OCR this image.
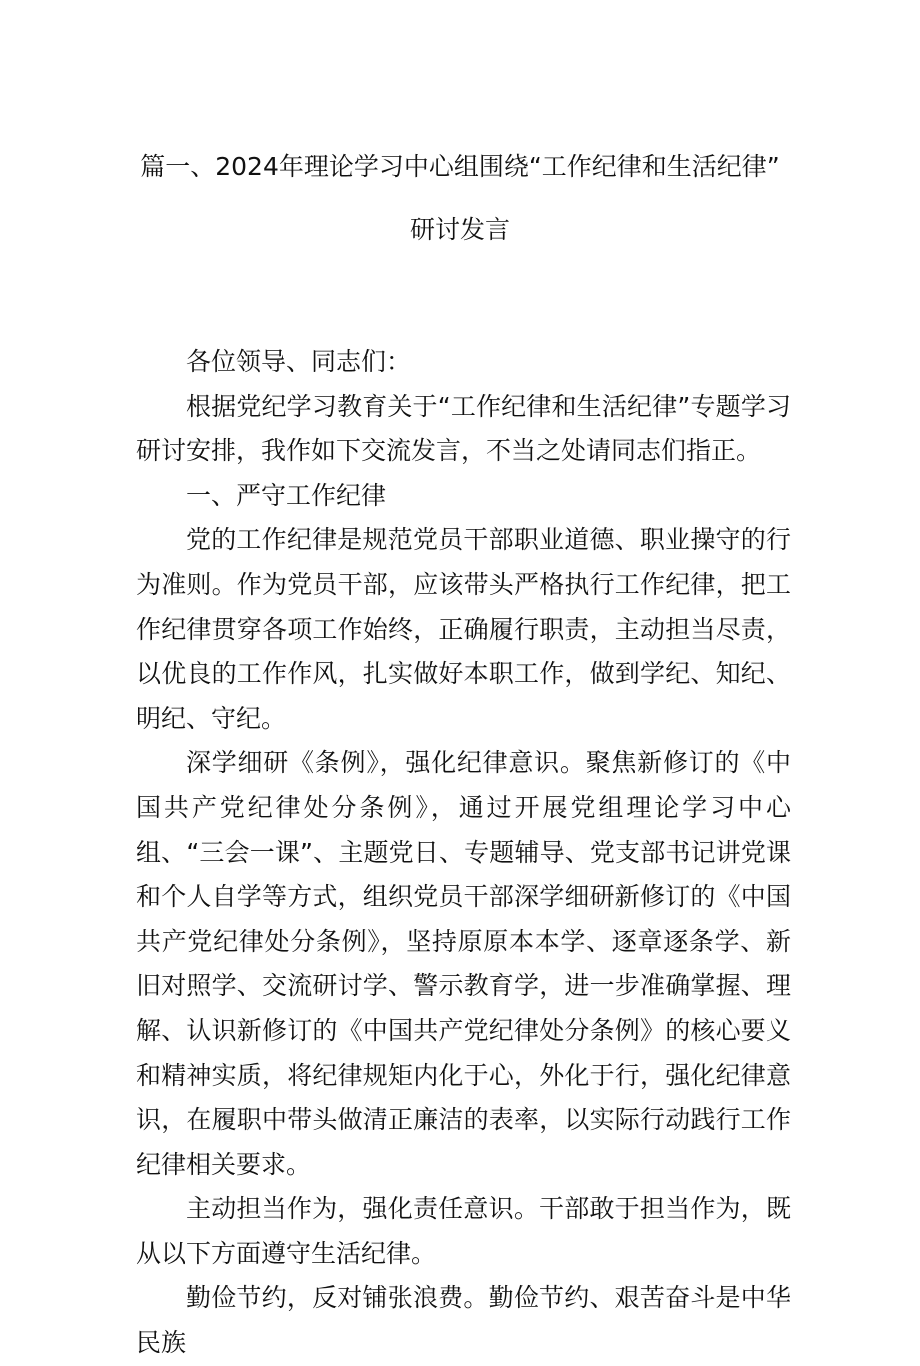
篇一、2024年理论学习中心组围绕“工作纪律和生活纪律”
研讨发言

各位领导、同志们：

根据党纪学习教育关于“工作纪律和生活纪律”专题学习研讨安排，我作如下交流发言，不当之处请同志们指正。

一、严守工作纪律

党的工作纪律是规范党员干部职业道德、职业操守的行为准则。作为党员干部，应该带头严格执行工作纪律，把工作纪律贯穿各项工作始终，正确履行职责，主动担当尽责，以优良的工作作风，扎实做好本职工作，做到学纪、知纪、明纪、守纪。

深学细研《条例》，强化纪律意识。聚焦新修订的《中国共产党纪律处分条例》，通过开展党组理论学习中心组、“三会一课”、主题党日、专题辅导、党支部书记讲党课和个人自学等方式，组织党员干部深学细研新修订的《中国共产党纪律处分条例》，坚持原原本本学、逐章逐条学、新旧对照学、交流研讨学、警示教育学，进一步准确掌握、理解、认识新修订的《中国共产党纪律处分条例》的核心要义和精神实质，将纪律规矩内化于心，外化于行，强化纪律意识，在履职中带头做清正廉洁的表率，以实际行动践行工作纪律相关要求。

主动担当作为，强化责任意识。干部敢于担当作为，既从以下方面遵守生活纪律。

勤俭节约，反对铺张浪费。勤俭节约、艰苦奋斗是中华民族
